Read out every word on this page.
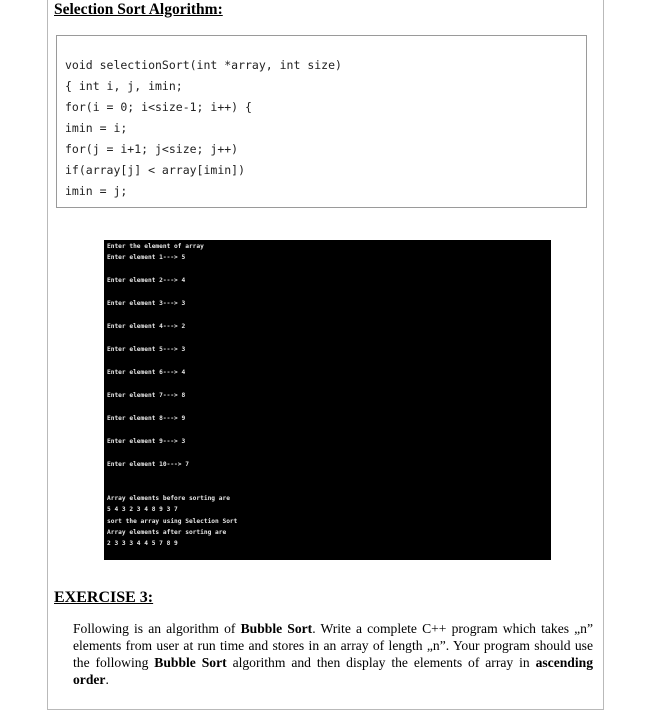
Selection Sort Algorithm:
void selectionSort(int *array, int size)
{ int i, j, imin;
for(i = 0; i<size-1; i++) {
imin = i;
for(j = i+1; j<size; j++)
if(array[j] < array[imin])
imin = j;
Enter the element of array
Enter element 1---> 5
Enter element 2---> 4
Enter element 3---> 3
Enter element 4---> 2
Enter element 5---> 3
Enter element 6---> 4
Enter element 7---> 8
Enter element 8---> 9
Enter element 9---> 3
Enter element 10---> 7
Array elements before sorting are
5 4 3 2 3 4 8 9 3 7
sort the array using Selection Sort
Array elements after sorting are
2 3 3 3 4 4 5 7 8 9
EXERCISE 3:
Following is an algorithm of Bubble Sort. Write a complete C++ program which takes „n” elements from user at run time and stores in an array of length „n”. Your program should use the following Bubble Sort algorithm and then display the elements of array in ascending order.
